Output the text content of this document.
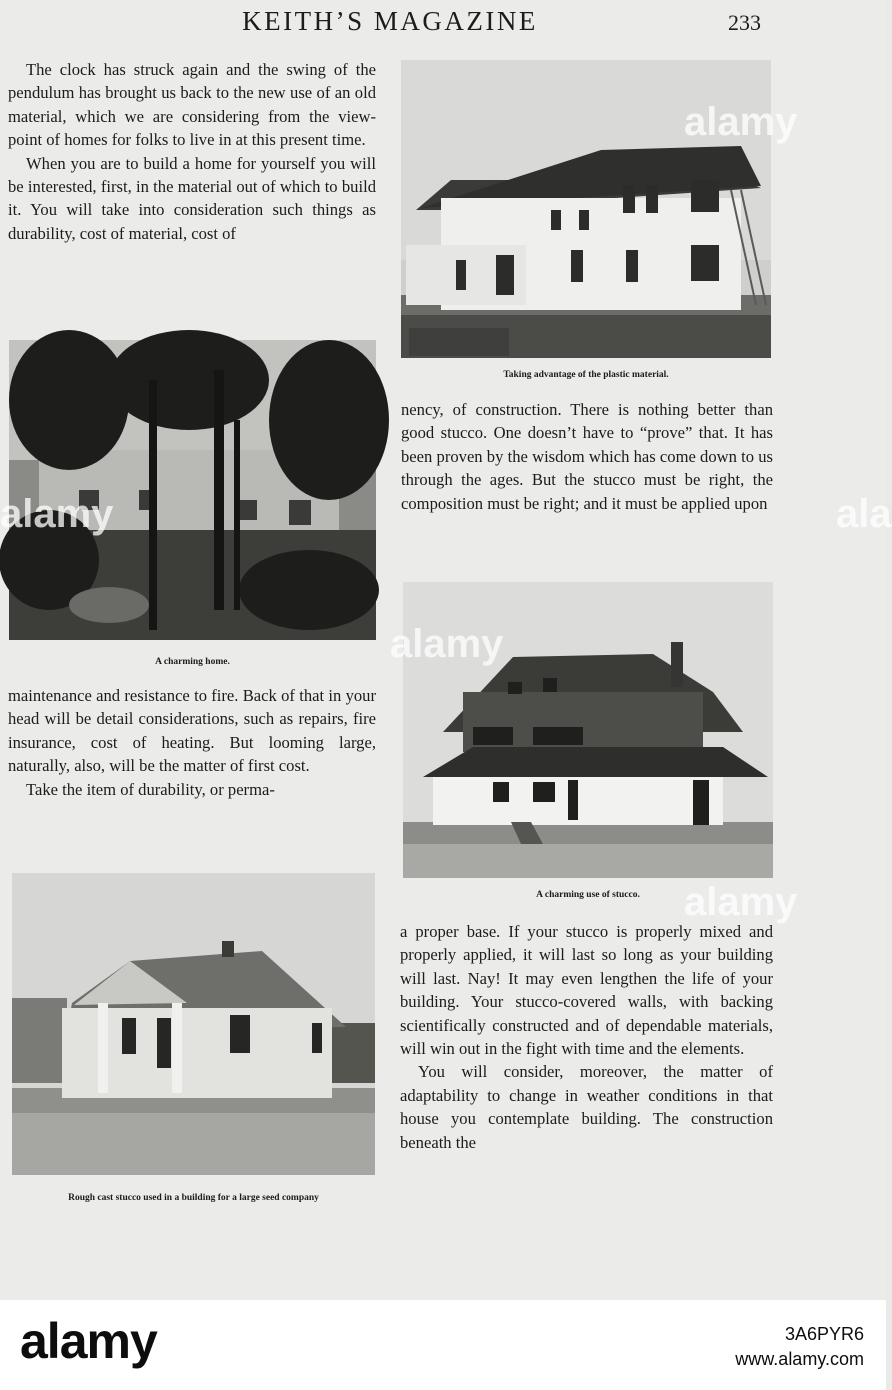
KEITH’S MAGAZINE	233

The clock has struck again and the swing of the pendulum has brought us back to the new use of an old material, which we are considering from the view-point of homes for folks to live in at this present time.

When you are to build a home for yourself you will be interested, first, in the material out of which to build it. You will take into consideration such things as durability, cost of material, cost of

Taking advantage of the plastic material.
A charming home.

nency, of construction. There is nothing better than good stucco. One doesn’t have to “prove” that. It has been proven by the wisdom which has come down to us through the ages. But the stucco must be right, the composition must be right; and it must be applied upon

maintenance and resistance to fire. Back of that in your head will be detail considerations, such as repairs, fire insurance, cost of heating. But looming large, naturally, also, will be the matter of first cost.

Take the item of durability, or perma-

A charming use of stucco.
Rough cast stucco used in a building for a large seed company

a proper base. If your stucco is properly mixed and properly applied, it will last so long as your building will last. Nay! It may even lengthen the life of your building. Your stucco-covered walls, with backing scientifically constructed and of dependable materials, will win out in the fight with time and the elements.

You will consider, moreover, the matter of adaptability to change in weather conditions in that house you contemplate building. The construction beneath the

alamy
alamy
alamy
alamy
ala
alamy	3A6PYR6
www.alamy.com
